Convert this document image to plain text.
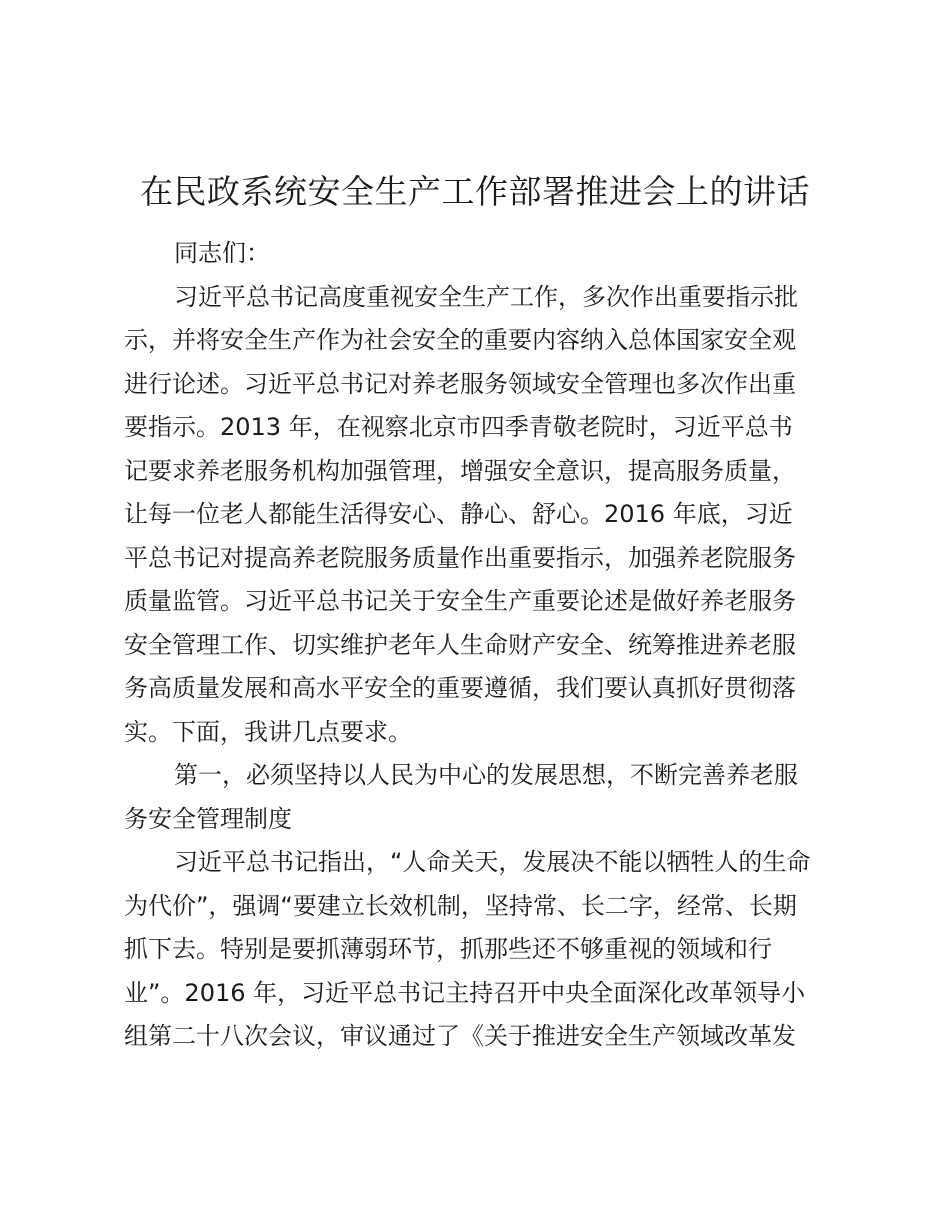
在民政系统安全生产工作部署推进会上的讲话
同志们：
习近平总书记高度重视安全生产工作，多次作出重要指示批
示，并将安全生产作为社会安全的重要内容纳入总体国家安全观
进行论述。习近平总书记对养老服务领域安全管理也多次作出重
要指示。2013 年，在视察北京市四季青敬老院时，习近平总书
记要求养老服务机构加强管理，增强安全意识，提高服务质量，
让每一位老人都能生活得安心、静心、舒心。2016 年底，习近
平总书记对提高养老院服务质量作出重要指示，加强养老院服务
质量监管。习近平总书记关于安全生产重要论述是做好养老服务
安全管理工作、切实维护老年人生命财产安全、统筹推进养老服
务高质量发展和高水平安全的重要遵循，我们要认真抓好贯彻落
实。下面，我讲几点要求。
第一，必须坚持以人民为中心的发展思想，不断完善养老服
务安全管理制度
习近平总书记指出，“人命关天，发展决不能以牺牲人的生命
为代价”，强调“要建立长效机制，坚持常、长二字，经常、长期
抓下去。特别是要抓薄弱环节，抓那些还不够重视的领域和行
业”。2016 年，习近平总书记主持召开中央全面深化改革领导小
组第二十八次会议，审议通过了《关于推进安全生产领域改革发
